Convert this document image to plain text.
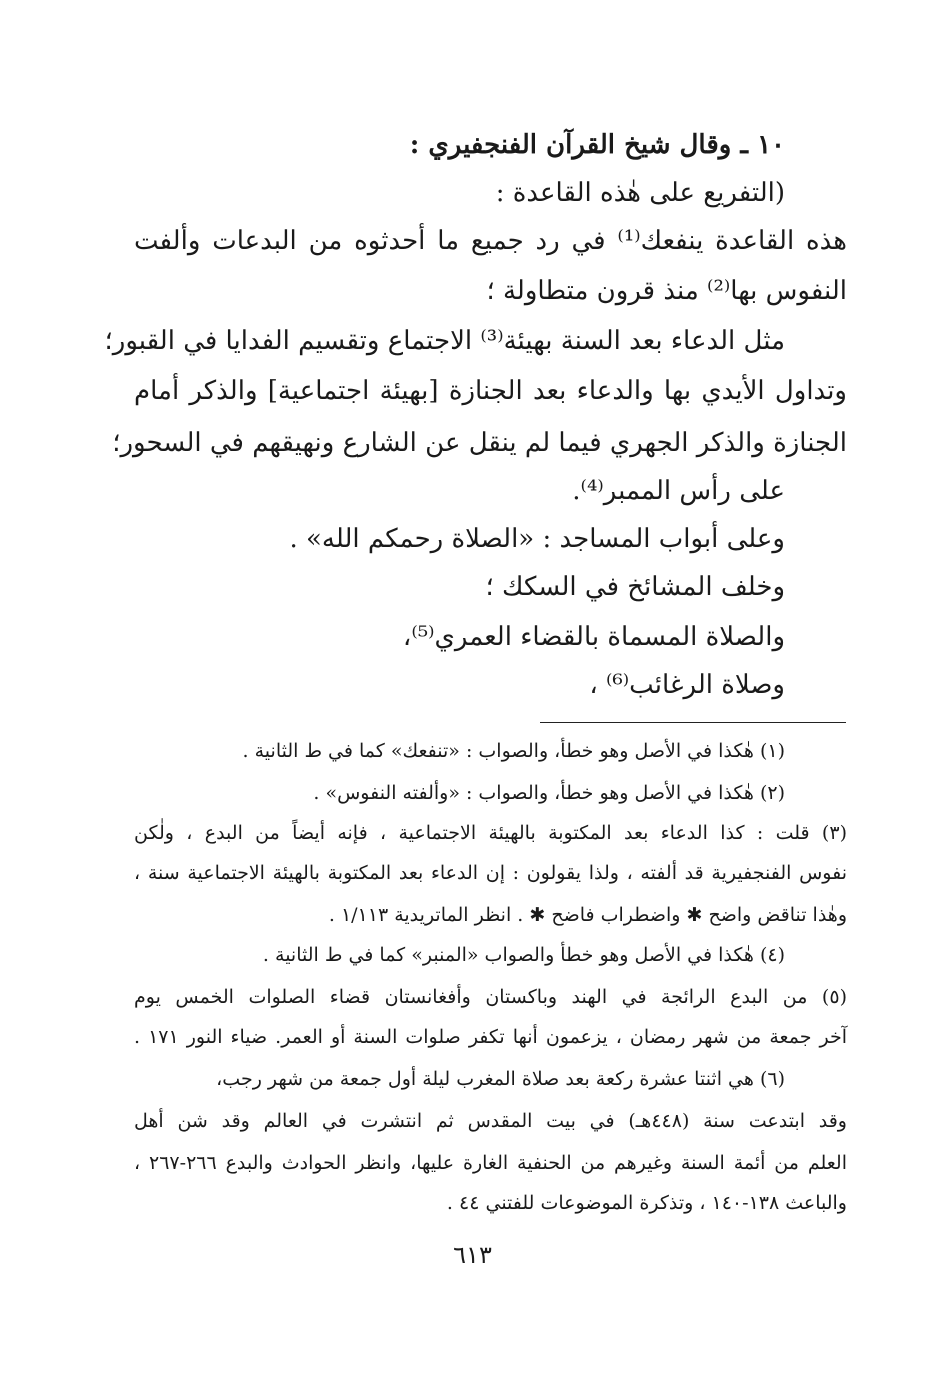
١٠ ـ وقال شيخ القرآن الفنجفيري :
(التفريع على هٰذه القاعدة :
هذه القاعدة ينفعك⁽¹⁾ في رد جميع ما أحدثوه من البدعات وألفت
النفوس بها⁽²⁾ منذ قرون متطاولة ؛
مثل الدعاء بعد السنة بهيئة⁽³⁾ الاجتماع وتقسيم الفدايا في القبور؛
وتداول الأيدي بها والدعاء بعد الجنازة [بهيئة اجتماعية] والذكر أمام
الجنازة والذكر الجهري فيما لم ينقل عن الشارع ونهيقهم في السحور؛
على رأس الممبر⁽⁴⁾.
وعلى أبواب المساجد : «الصلاة رحمكم الله» .
وخلف المشائخ في السكك ؛
والصلاة المسماة بالقضاء العمري⁽⁵⁾،
وصلاة الرغائب⁽⁶⁾ ،
(١) هٰكذا في الأصل وهو خطأ، والصواب : «تنفعك» كما في ط الثانية .
(٢) هٰكذا في الأصل وهو خطأ، والصواب : «وألفته النفوس» .
(٣) قلت : كذا الدعاء بعد المكتوبة بالهيئة الاجتماعية ، فإنه أيضاً من البدع ، ولٰكن
نفوس الفنجفيرية قد ألفته ، ولذا يقولون : إن الدعاء بعد المكتوبة بالهيئة الاجتماعية سنة ،
وهٰذا تناقض واضح ✱ واضطراب فاضح ✱ . انظر الماتريدية ١/١١٣ .
(٤) هٰكذا في الأصل وهو خطأ والصواب «المنبر» كما في ط الثانية .
(٥) من البدع الرائجة في الهند وباكستان وأفغانستان قضاء الصلوات الخمس يوم
آخر جمعة من شهر رمضان ، يزعمون أنها تكفر صلوات السنة أو العمر. ضياء النور ١٧١ .
(٦) هي اثنتا عشرة ركعة بعد صلاة المغرب ليلة أول جمعة من شهر رجب،
وقد ابتدعت سنة (٤٤٨هـ) في بيت المقدس ثم انتشرت في العالم وقد شن أهل
العلم من أئمة السنة وغيرهم من الحنفية الغارة عليها، وانظر الحوادث والبدع ٢٦٦-٢٦٧ ،
والباعث ١٣٨-١٤٠ ، وتذكرة الموضوعات للفتني ٤٤ .
٦١٣
